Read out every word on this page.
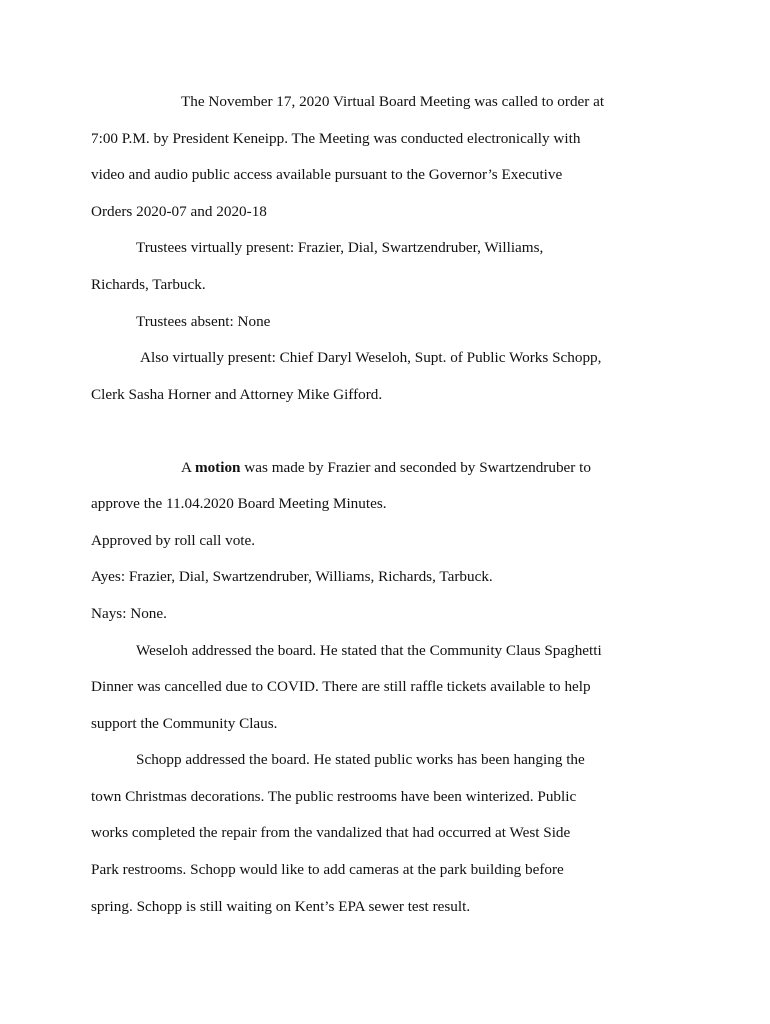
The November 17, 2020 Virtual Board Meeting was called to order at
7:00 P.M. by President Keneipp. The Meeting was conducted electronically with
video and audio public access available pursuant to the Governor’s Executive
Orders 2020-07 and 2020-18
Trustees virtually present: Frazier, Dial, Swartzendruber, Williams,
Richards, Tarbuck.
Trustees absent: None
Also virtually present: Chief Daryl Weseloh, Supt. of Public Works Schopp,
Clerk Sasha Horner and Attorney Mike Gifford.
A motion was made by Frazier and seconded by Swartzendruber to
approve the 11.04.2020 Board Meeting Minutes.
Approved by roll call vote.
Ayes: Frazier, Dial, Swartzendruber, Williams, Richards, Tarbuck.
Nays: None.
Weseloh addressed the board. He stated that the Community Claus Spaghetti
Dinner was cancelled due to COVID. There are still raffle tickets available to help
support the Community Claus.
Schopp addressed the board. He stated public works has been hanging the
town Christmas decorations. The public restrooms have been winterized. Public
works completed the repair from the vandalized that had occurred at West Side
Park restrooms. Schopp would like to add cameras at the park building before
spring. Schopp is still waiting on Kent’s EPA sewer test result.
